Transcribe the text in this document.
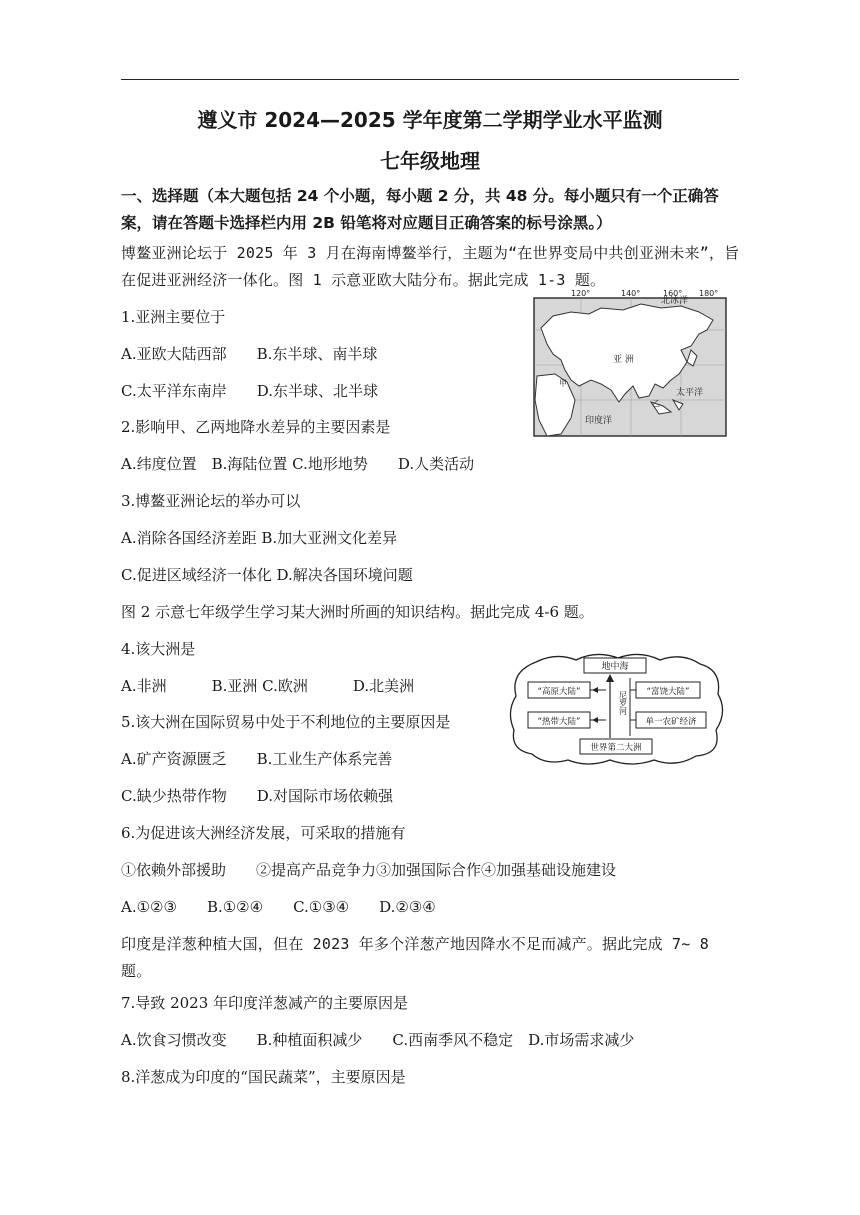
遵义市 2024—2025 学年度第二学期学业水平监测
七年级地理
一、选择题（本大题包括 24 个小题，每小题 2 分，共 48 分。每小题只有一个正确答案，请在答题卡选择栏内用 2B 铅笔将对应题目正确答案的标号涂黑。）
博鳌亚洲论坛于 2025 年 3 月在海南博鳌举行，主题为“在世界变局中共创亚洲未来”，旨在促进亚洲经济一体化。图 1 示意亚欧大陆分布。据此完成 1-3 题。
1.亚洲主要位于
A.亚欧大陆西部　　B.东半球、南半球
C.太平洋东南岸　　D.东半球、北半球
2.影响甲、乙两地降水差异的主要因素是
A.纬度位置　B.海陆位置 C.地形地势　　D.人类活动
3.博鳌亚洲论坛的举办可以
A.消除各国经济差距 B.加大亚洲文化差异
C.促进区域经济一体化 D.解决各国环境问题
图 2 示意七年级学生学习某大洲时所画的知识结构。据此完成 4-6 题。
4.该大洲是
A.非洲　　　B.亚洲 C.欧洲　　　D.北美洲
5.该大洲在国际贸易中处于不利地位的主要原因是
A.矿产资源匮乏　　B.工业生产体系完善
C.缺少热带作物　　D.对国际市场依赖强
6.为促进该大洲经济发展，可采取的措施有
①依赖外部援助　　②提高产品竞争力③加强国际合作④加强基础设施建设
A.①②③　　B.①②④　　C.①③④　　D.②③④
印度是洋葱种植大国，但在 2023 年多个洋葱产地因降水不足而减产。据此完成 7~ 8 题。
7.导致 2023 年印度洋葱减产的主要原因是
A.饮食习惯改变　　B.种植面积减少　　C.西南季风不稳定　D.市场需求减少
8.洋葱成为印度的“国民蔬菜”，主要原因是
120°	140°	160° 180°
北冰洋
亚 洲
太平洋
印度洋
甲
乙
地中海
“高原大陆”	“富饶大陆”
“热带大陆”	单一农矿经济
世界第二大洲
尼罗河
